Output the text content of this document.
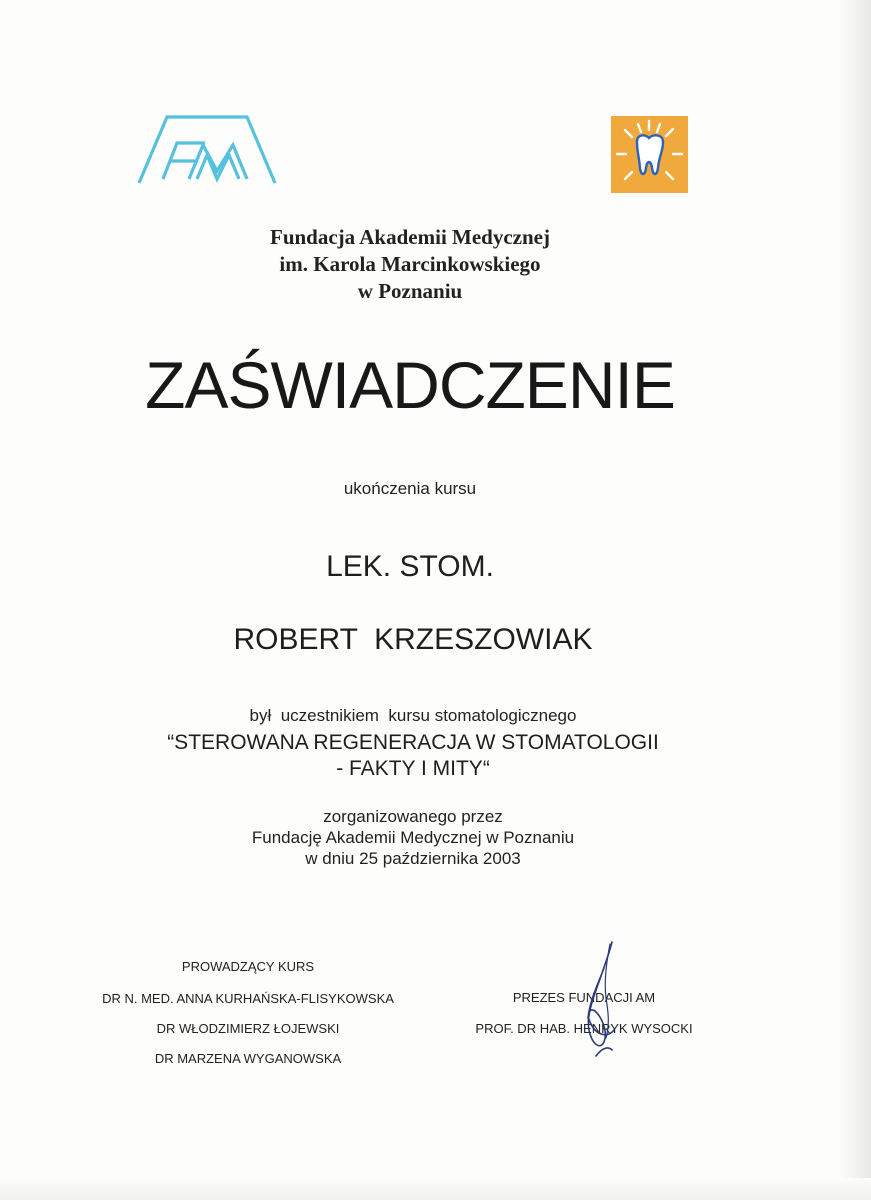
Fundacja Akademii Medycznej
im. Karola Marcinkowskiego
w Poznaniu
ZAŚWIADCZENIE
ukończenia kursu
LEK. STOM.
ROBERT  KRZESZOWIAK
był  uczestnikiem  kursu stomatologicznego
“STEROWANA REGENERACJA W STOMATOLOGII
- FAKTY I MITY“
zorganizowanego przez
Fundację Akademii Medycznej w Poznaniu
w dniu 25 października 2003
PROWADZĄCY KURS
DR N. MED. ANNA KURHAŃSKA-FLISYKOWSKA
DR WŁODZIMIERZ ŁOJEWSKI
DR MARZENA WYGANOWSKA
PREZES FUNDACJI AM
PROF. DR HAB. HENRYK WYSOCKI
